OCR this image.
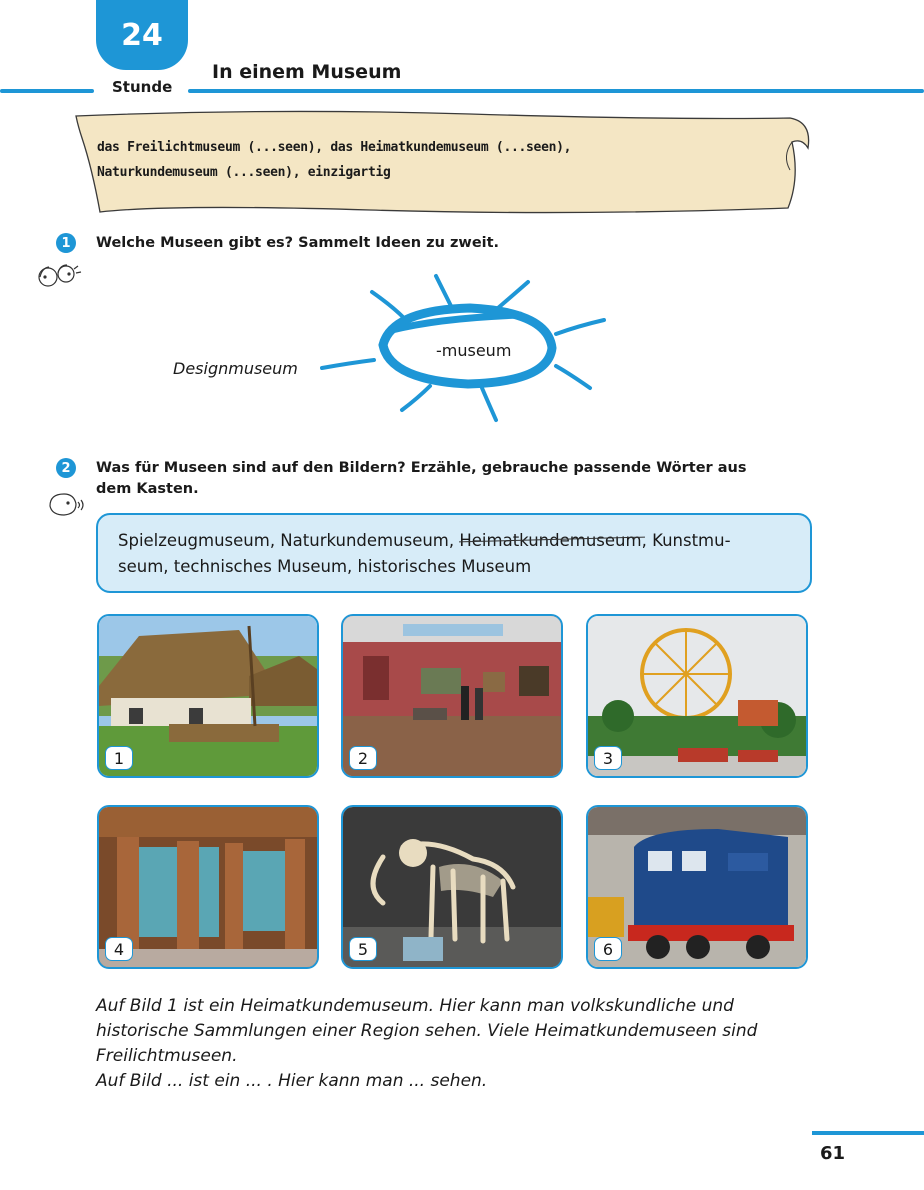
24
Stunde
In einem Museum
das Freilichtmuseum (...seen), das Heimatkundemuseum (...seen),
Naturkundemuseum (...seen), einzigartig
1	Welche Museen gibt es? Sammelt Ideen zu zweit.
-museum
Designmuseum
2	Was für Museen sind auf den Bildern? Erzähle, gebrauche passende Wörter aus
dem Kasten.
Spielzeugmuseum, Naturkundemuseum, Heimatkundemuseum, Kunstmu-
seum, technisches Museum, historisches Museum
1	2	3
4	5	6
Auf Bild 1 ist ein Heimatkundemuseum. Hier kann man volkskundliche und
historische Sammlungen einer Region sehen. Viele Heimatkundemuseen sind
Freilichtmuseen.
Auf Bild ... ist ein ... . Hier kann man ... sehen.
61
